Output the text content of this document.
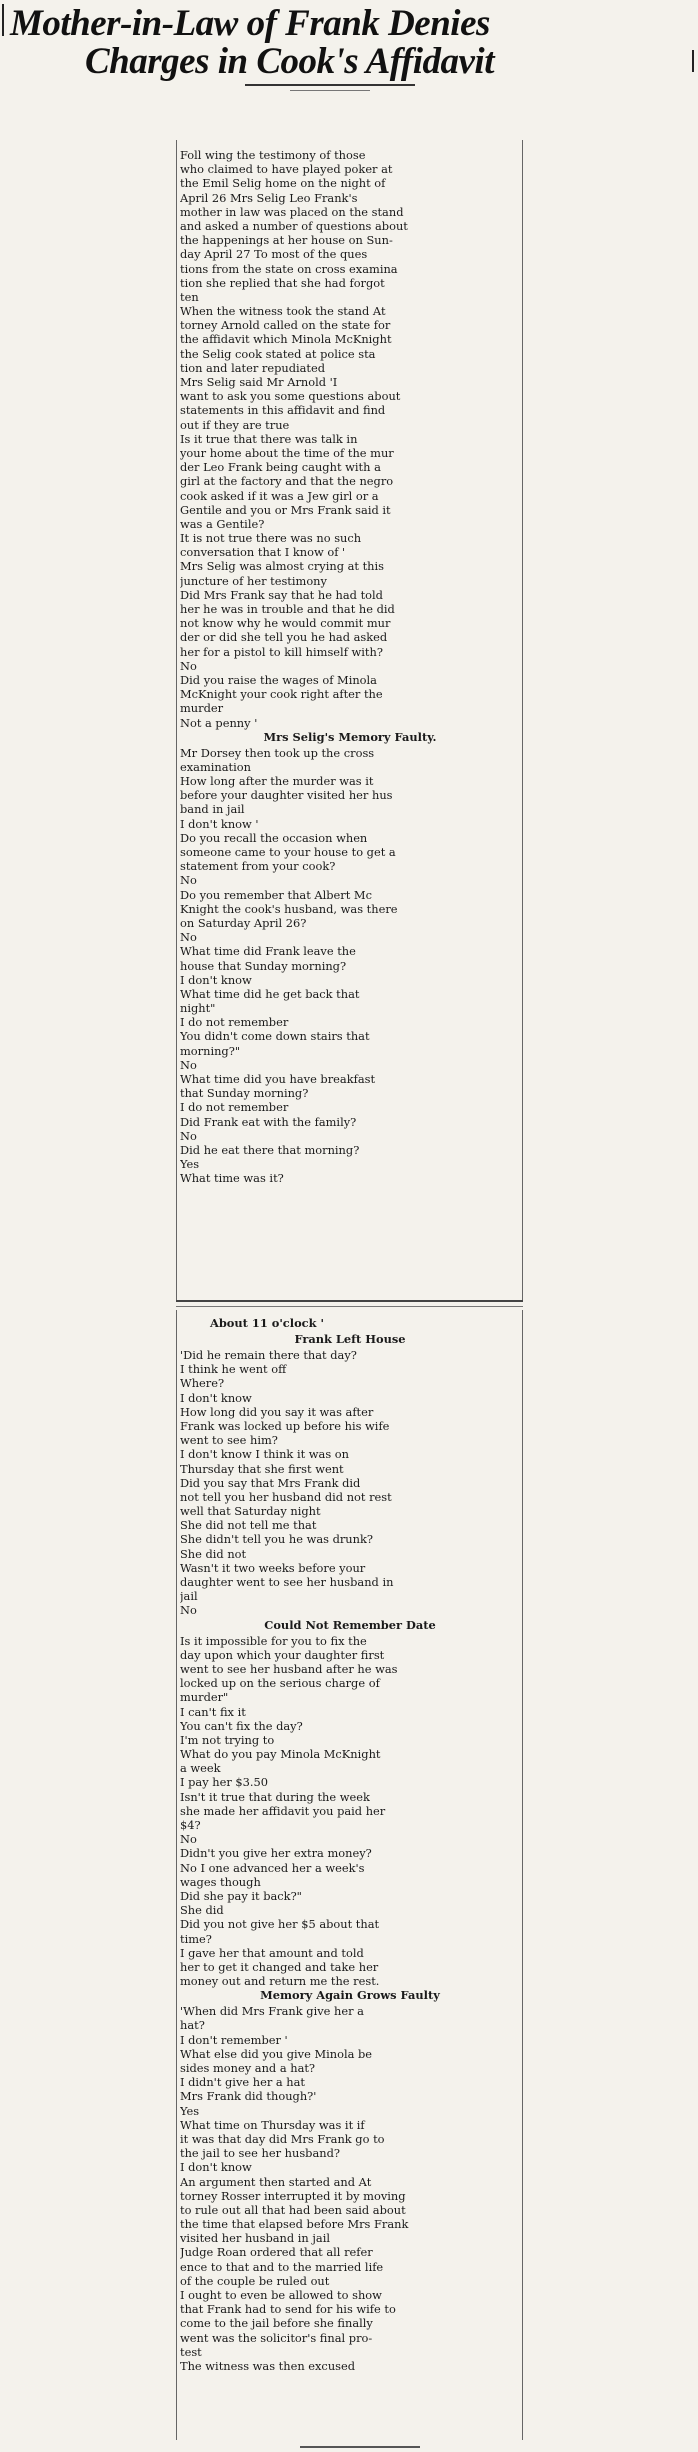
Mother-in-Law of Frank Denies
Charges in Cook's Affidavit
Foll wing the testimony of those
who claimed to have played poker at
the Emil Selig home on the night of
April 26 Mrs Selig Leo Frank's
mother in law was placed on the stand
and asked a number of questions about
the happenings at her house on Sun-
day April 27 To most of the ques
tions from the state on cross examina
tion she replied that she had forgot
ten
When the witness took the stand At
torney Arnold called on the state for
the affidavit which Minola McKnight
the Selig cook stated at police sta
tion and later repudiated
Mrs Selig said Mr Arnold 'I
want to ask you some questions about
statements in this affidavit and find
out if they are true
Is it true that there was talk in
your home about the time of the mur
der Leo Frank being caught with a
girl at the factory and that the negro
cook asked if it was a Jew girl or a
Gentile and you or Mrs Frank said it
was a Gentile?
It is not true there was no such
conversation that I know of '
Mrs Selig was almost crying at this
juncture of her testimony
Did Mrs Frank say that he had told
her he was in trouble and that he did
not know why he would commit mur
der or did she tell you he had asked
her for a pistol to kill himself with?
No
Did you raise the wages of Minola
McKnight your cook right after the
murder
Not a penny '
Mrs Selig's Memory Faulty.
Mr Dorsey then took up the cross
examination
How long after the murder was it
before your daughter visited her hus
band in jail
I don't know '
Do you recall the occasion when
someone came to your house to get a
statement from your cook?
No
Do you remember that Albert Mc
Knight the cook's husband, was there
on Saturday April 26?
No
What time did Frank leave the
house that Sunday morning?
I don't know
What time did he get back that
night"
I do not remember
You didn't come down stairs that
morning?"
No
What time did you have breakfast
that Sunday morning?
I do not remember
Did Frank eat with the family?
No
Did he eat there that morning?
Yes
What time was it?
About 11 o'clock '
Frank Left House
'Did he remain there that day?
I think he went off
Where?
I don't know
How long did you say it was after
Frank was locked up before his wife
went to see him?
I don't know I think it was on
Thursday that she first went
Did you say that Mrs Frank did
not tell you her husband did not rest
well that Saturday night
She did not tell me that
She didn't tell you he was drunk?
She did not
Wasn't it two weeks before your
daughter went to see her husband in
jail
No
Could Not Remember Date
Is it impossible for you to fix the
day upon which your daughter first
went to see her husband after he was
locked up on the serious charge of
murder"
I can't fix it
You can't fix the day?
I'm not trying to
What do you pay Minola McKnight
a week
I pay her $3.50
Isn't it true that during the week
she made her affidavit you paid her
$4?
No
Didn't you give her extra money?
No I one advanced her a week's
wages though
Did she pay it back?"
She did
Did you not give her $5 about that
time?
I gave her that amount and told
her to get it changed and take her
money out and return me the rest.
Memory Again Grows Faulty
'When did Mrs Frank give her a
hat?
I don't remember '
What else did you give Minola be
sides money and a hat?
I didn't give her a hat
Mrs Frank did though?'
Yes
What time on Thursday was it if
it was that day did Mrs Frank go to
the jail to see her husband?
I don't know
An argument then started and At
torney Rosser interrupted it by moving
to rule out all that had been said about
the time that elapsed before Mrs Frank
visited her husband in jail
Judge Roan ordered that all refer
ence to that and to the married life
of the couple be ruled out
I ought to even be allowed to show
that Frank had to send for his wife to
come to the jail before she finally
went was the solicitor's final pro-
test
The witness was then excused
